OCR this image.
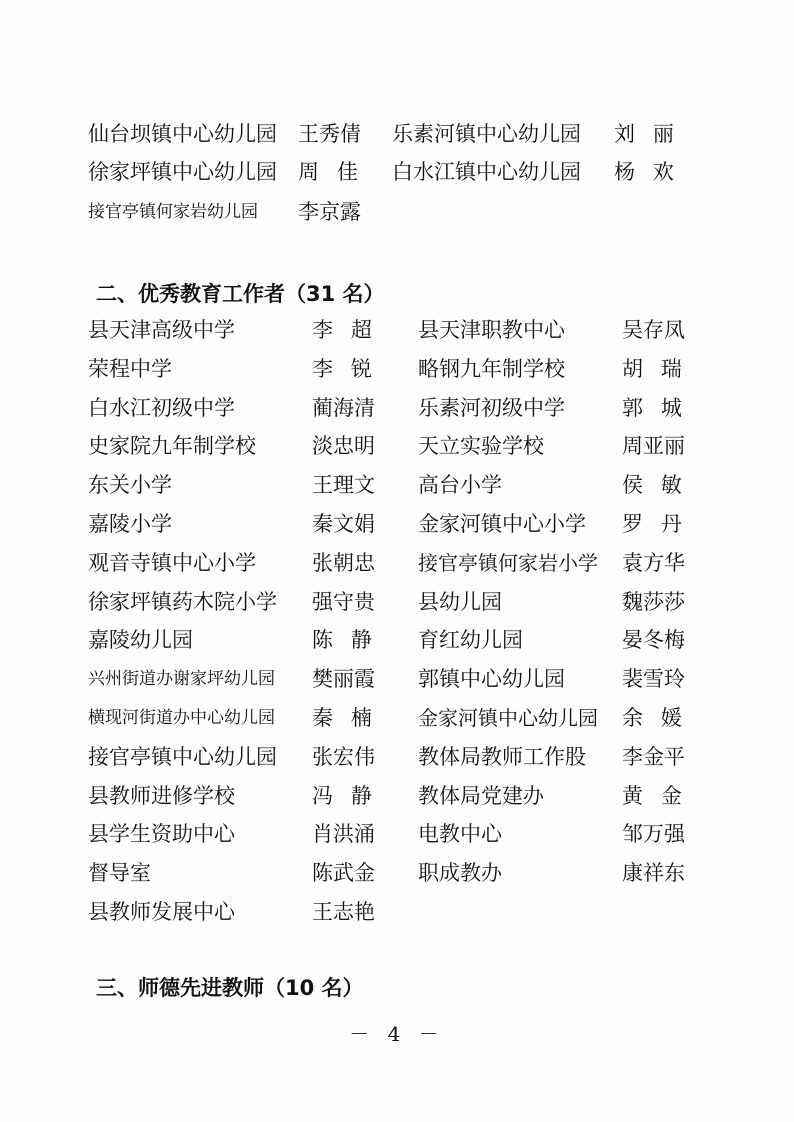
仙台坝镇中心幼儿园 王秀倩 乐素河镇中心幼儿园 刘丽
徐家坪镇中心幼儿园 周佳 白水江镇中心幼儿园 杨欢
接官亭镇何家岩幼儿园 李京露
二、优秀教育工作者（31 名）
县天津高级中学	李超 县天津职教中心	吴存凤
荣程中学	李锐 略钢九年制学校	胡瑞
白水江初级中学	蔺海清 乐素河初级中学	郭城
史家院九年制学校	淡忠明 天立实验学校	周亚丽
东关小学	王理文 高台小学	侯敏
嘉陵小学	秦文娟 金家河镇中心小学 罗丹
观音寺镇中心小学	张朝忠 接官亭镇何家岩小学 袁方华
徐家坪镇药木院小学 强守贵 县幼儿园	魏莎莎
嘉陵幼儿园	陈静 育红幼儿园	晏冬梅
兴州街道办谢家坪幼儿园 樊丽霞 郭镇中心幼儿园	裴雪玲
横现河街道办中心幼儿园 秦楠 金家河镇中心幼儿园 余媛
接官亭镇中心幼儿园 张宏伟 教体局教师工作股 李金平
县教师进修学校	冯静 教体局党建办	黄金
县学生资助中心	肖洪涌 电教中心	邹万强
督导室	陈武金 职成教办	康祥东
县教师发展中心	王志艳
三、师德先进教师（10 名）
－ 4 －
